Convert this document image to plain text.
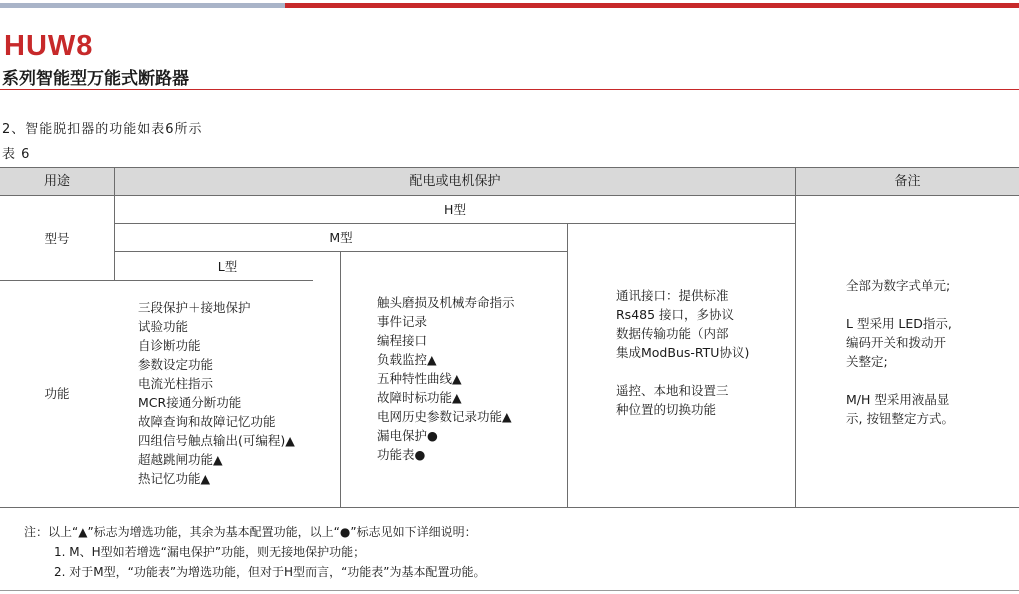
HUW8
系列智能型万能式断路器
2、智能脱扣器的功能如表6所示
表 6
用途	配电或电机保护	备注
型号
功能
H型
M型
L型
三段保护＋接地保护
试验功能
自诊断功能
参数设定功能
电流光柱指示
MCR接通分断功能
故障查询和故障记忆功能
四组信号触点输出(可编程)▲
超越跳闸功能▲
热记忆功能▲
触头磨损及机械寿命指示
事件记录
编程接口
负载监控▲
五种特性曲线▲
故障时标功能▲
电网历史参数记录功能▲
漏电保护●
功能表●
通讯接口：提供标准
Rs485 接口，多协议
数据传输功能（内部
集成ModBus-RTU协议)

遥控、本地和设置三
种位置的切换功能
全部为数字式单元;

L 型采用 LED指示,
编码开关和拨动开
关整定;

M/H 型采用液晶显
示, 按钮整定方式。
注：以上“▲”标志为增选功能，其余为基本配置功能，以上“●”标志见如下详细说明：
1. M、H型如若增选“漏电保护”功能，则无接地保护功能；
2. 对于M型，“功能表”为增选功能，但对于H型而言，“功能表”为基本配置功能。
